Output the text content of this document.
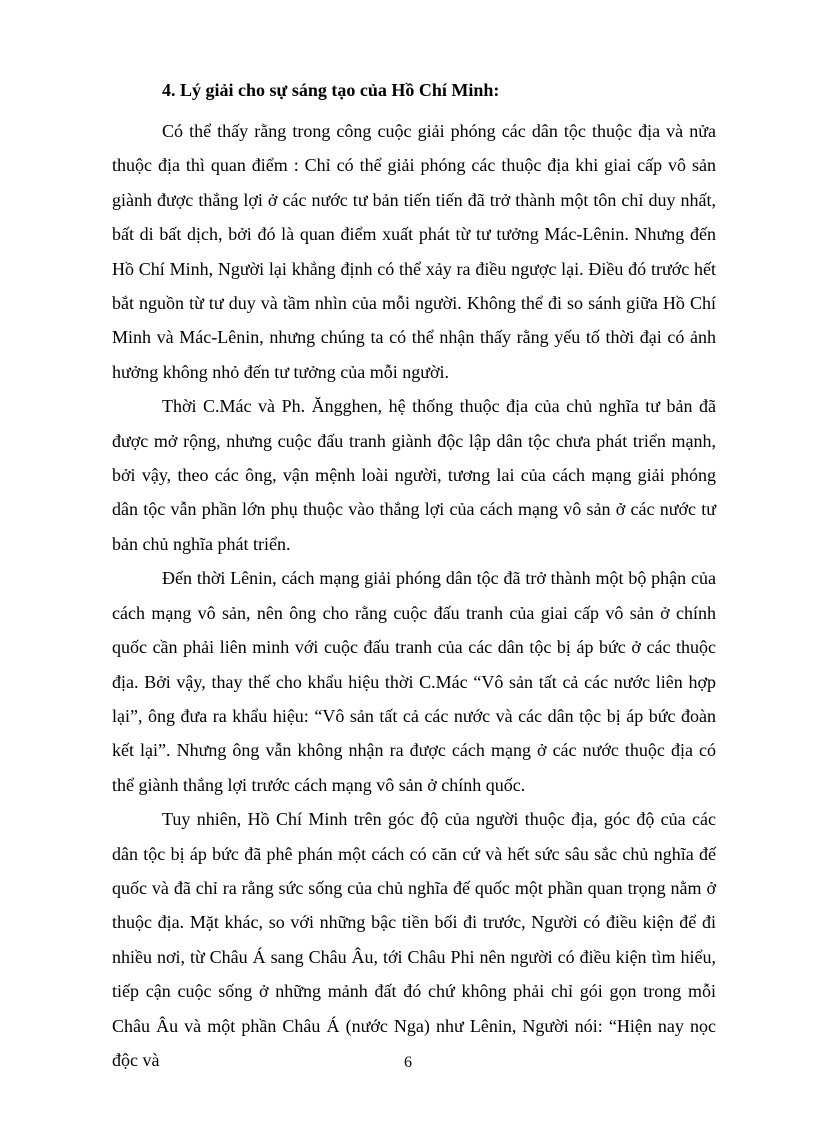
4. Lý giải cho sự sáng tạo của Hồ Chí Minh:

Có thể thấy rằng trong công cuộc giải phóng các dân tộc thuộc địa và nửa thuộc địa thì quan điểm : Chỉ có thể giải phóng các thuộc địa khi giai cấp vô sản giành được thắng lợi ở các nước tư bản tiến tiến đã trở thành một tôn chỉ duy nhất, bất di bất dịch, bởi đó là quan điểm xuất phát từ tư tưởng Mác-Lênin. Nhưng đến Hồ Chí Minh, Người lại khẳng định có thể xảy ra điều ngược lại. Điều đó trước hết bắt nguồn từ tư duy và tầm nhìn của mỗi người. Không thể đi so sánh giữa Hồ Chí Minh và Mác-Lênin, nhưng chúng ta có thể nhận thấy rằng yếu tố thời đại có ảnh hưởng không nhỏ đến tư tưởng của mỗi người.

Thời C.Mác và Ph. Ăngghen, hệ thống thuộc địa của chủ nghĩa tư bản đã được mở rộng, nhưng cuộc đấu tranh giành độc lập dân tộc chưa phát triển mạnh, bởi vậy, theo các ông, vận mệnh loài người, tương lai của cách mạng giải phóng dân tộc vẫn phần lớn phụ thuộc vào thắng lợi của cách mạng vô sản ở các nước tư bản chủ nghĩa phát triển.

Đến thời Lênin, cách mạng giải phóng dân tộc đã trở thành một bộ phận của cách mạng vô sản, nên ông cho rằng cuộc đấu tranh của giai cấp vô sản ở chính quốc cần phải liên minh với cuộc đấu tranh của các dân tộc bị áp bức ở các thuộc địa. Bởi vậy, thay thế cho khẩu hiệu thời C.Mác “Vô sản tất cả các nước liên hợp lại”, ông đưa ra khẩu hiệu: “Vô sản tất cả các nước và các dân tộc bị áp bức đoàn kết lại”. Nhưng ông vẫn không nhận ra được cách mạng ở các nước thuộc địa có thể giành thắng lợi trước cách mạng vô sản ở chính quốc.

Tuy nhiên, Hồ Chí Minh trên góc độ của người thuộc địa, góc độ của các dân tộc bị áp bức đã phê phán một cách có căn cứ và hết sức sâu sắc chủ nghĩa đế quốc và đã chỉ ra rằng sức sống của chủ nghĩa đế quốc một phần quan trọng nằm ở thuộc địa. Mặt khác, so với những bậc tiền bối đi trước, Người có điều kiện để đi nhiều nơi, từ Châu Á sang Châu Âu, tới Châu Phi nên người có điều kiện tìm hiểu, tiếp cận cuộc sống ở những mảnh đất đó chứ không phải chỉ gói gọn trong mỗi Châu Âu và một phần Châu Á (nước Nga) như Lênin, Người nói: “Hiện nay nọc độc và	6
